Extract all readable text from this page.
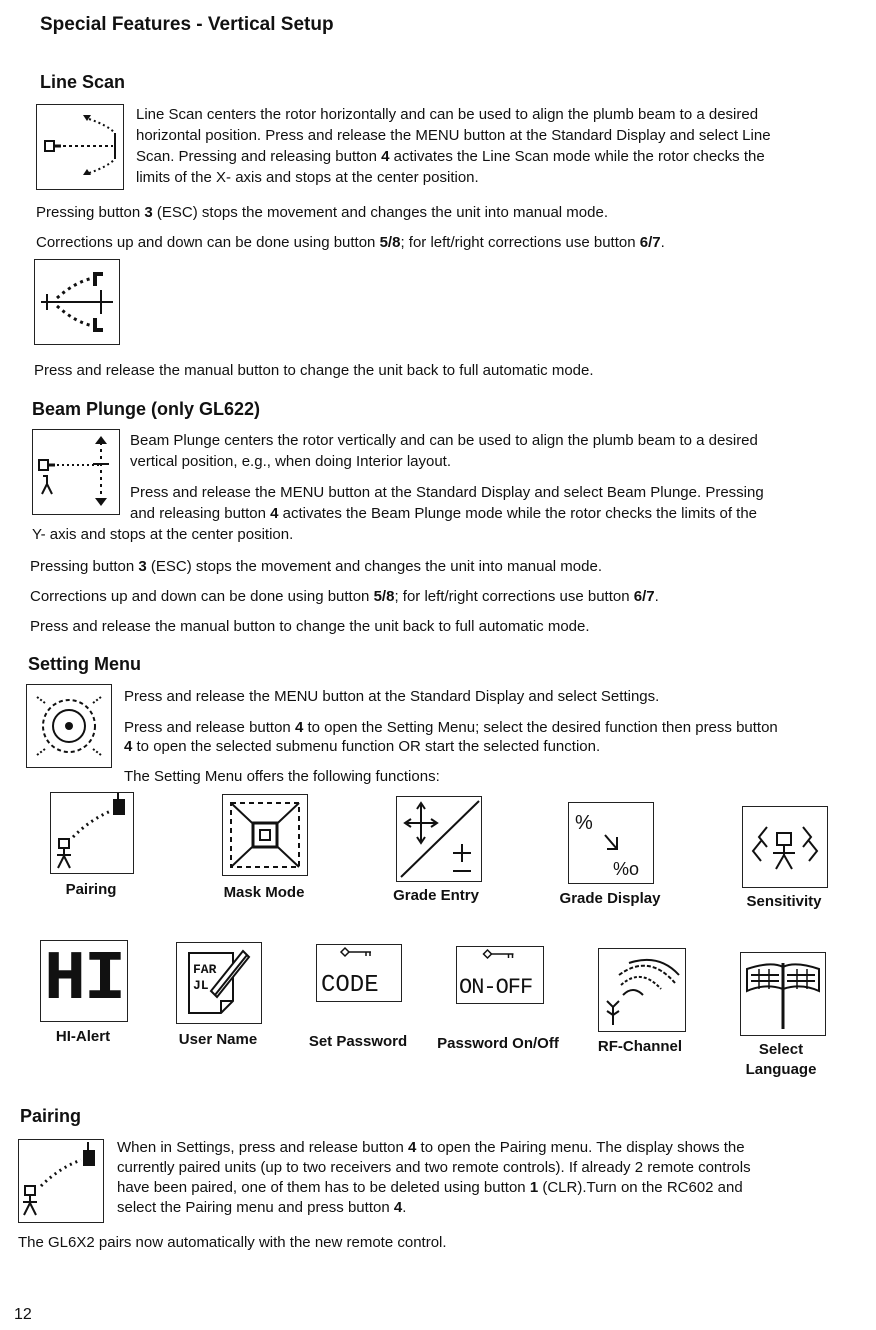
Special Features - Vertical Setup
Line Scan
Line Scan centers the rotor horizontally and can be used to align the plumb beam to a desired
horizontal position. Press and release the MENU button at the Standard Display and select Line
Scan. Pressing and releasing button 4 activates the Line Scan mode while the rotor checks the
limits of the X- axis and stops at the center position.
Pressing button 3 (ESC) stops the movement and changes the unit into manual mode.
Corrections up and down can be done using button 5/8; for left/right corrections use button 6/7.
Press and release the manual button to change the unit back to full automatic mode.
Beam Plunge (only GL622)
Beam Plunge centers the rotor vertically and can be used to align the plumb beam to a desired
vertical position, e.g., when doing Interior layout.
Press and release the MENU button at the Standard Display and select Beam Plunge. Pressing
and releasing button 4 activates the Beam Plunge mode while the rotor checks the limits of the
Y- axis and stops at the center position.
Pressing button 3 (ESC) stops the movement and changes the unit into manual mode.
Corrections up and down can be done using button 5/8; for left/right corrections use button 6/7.
Press and release the manual button to change the unit back to full automatic mode.
Setting Menu
Press and release the MENU button at the Standard Display and select Settings.
Press and release button 4 to open the Setting Menu; select the desired function then press button
4 to open the selected submenu function OR start the selected function.
The Setting Menu offers the following functions:
Pairing	Mask Mode	Grade Entry
%
%o
Grade Display	Sensitivity
HI
HI-Alert
FAR
JL
User Name
CODE
Set Password
ON-OFF
Password On/Off	RF-Channel	Select
Language
Pairing
When in Settings, press and release button 4 to open the Pairing menu. The display shows the
currently paired units (up to two receivers and two remote controls). If already 2 remote controls
have been paired, one of them has to be deleted using button 1 (CLR).Turn on the RC602 and
select the Pairing menu and press button 4.
The GL6X2 pairs now automatically with the new remote control.
12
